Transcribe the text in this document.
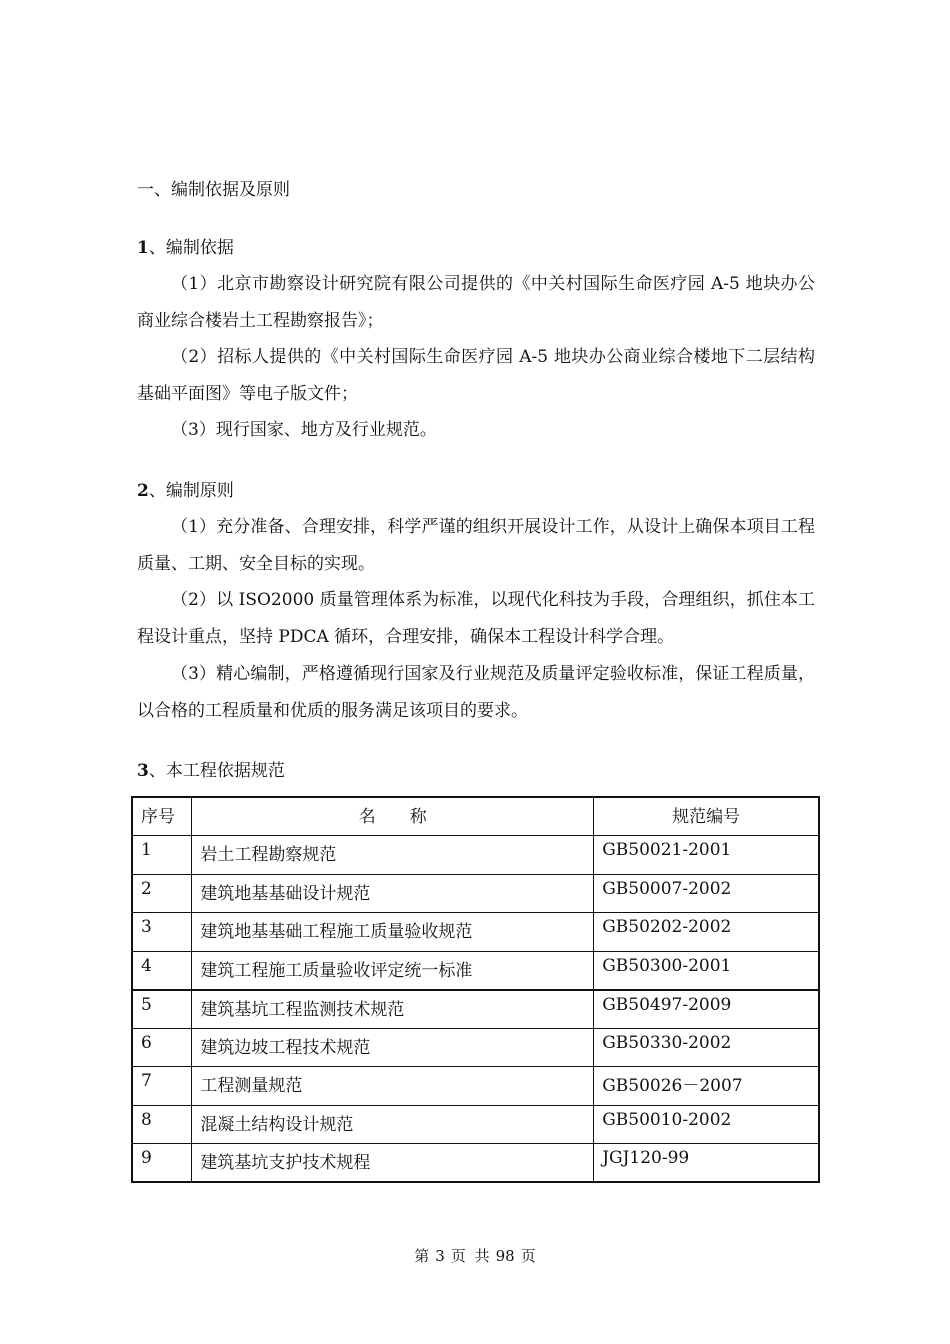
一、编制依据及原则
1、编制依据

（1）北京市勘察设计研究院有限公司提供的《中关村国际生命医疗园 A-5 地块办公商业综合楼岩土工程勘察报告》；

（2）招标人提供的《中关村国际生命医疗园 A-5 地块办公商业综合楼地下二层结构基础平面图》等电子版文件；

（3）现行国家、地方及行业规范。

2、编制原则

（1）充分准备、合理安排，科学严谨的组织开展设计工作，从设计上确保本项目工程质量、工期、安全目标的实现。

（2）以 ISO2000 质量管理体系为标准，以现代化科技为手段，合理组织，抓住本工程设计重点，坚持 PDCA 循环，合理安排，确保本工程设计科学合理。

（3）精心编制，严格遵循现行国家及行业规范及质量评定验收标准，保证工程质量，以合格的工程质量和优质的服务满足该项目的要求。

3、本工程依据规范
序号	名　　称	规范编号
1	岩土工程勘察规范	GB50021-2001
2	建筑地基基础设计规范	GB50007-2002
3	建筑地基基础工程施工质量验收规范	GB50202-2002
4	建筑工程施工质量验收评定统一标准	GB50300-2001
5	建筑基坑工程监测技术规范	GB50497-2009
6	建筑边坡工程技术规范	GB50330-2002
7	工程测量规范	GB50026－2007
8	混凝土结构设计规范	GB50010-2002
9	建筑基坑支护技术规程	JGJ120-99
第 3 页 共 98 页
